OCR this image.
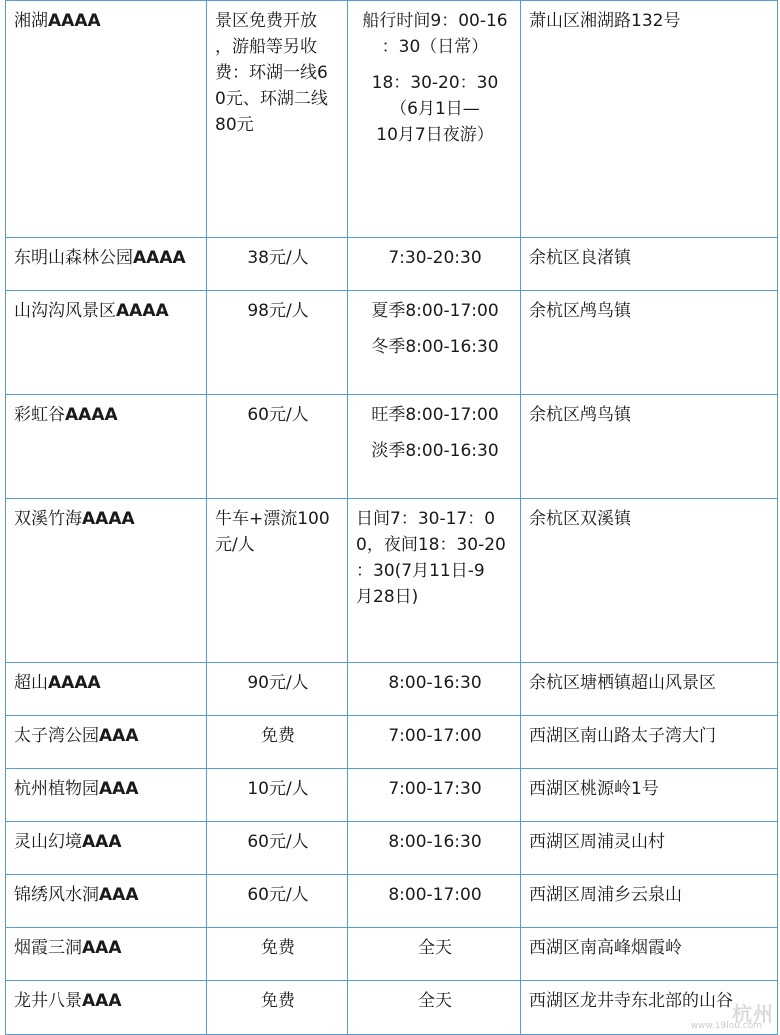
湘湖AAAA	景区免费开放
，游船等另收
费：环湖一线6
0元、环湖二线
80元	船行时间9：00-16
：30（日常）
18：30-20：30
（6月1日—
10月7日夜游）	萧山区湘湖路132号
东明山森林公园AAAA	38元/人	7:30-20:30	余杭区良渚镇
山沟沟风景区AAAA	98元/人	夏季8:00-17:00
冬季8:00-16:30	余杭区鸬鸟镇
彩虹谷AAAA	60元/人	旺季8:00-17:00
淡季8:00-16:30	余杭区鸬鸟镇
双溪竹海AAAA	牛车+漂流100
元/人	日间7：30-17：0
0，夜间18：30-20
：30(7月11日-9
月28日)	余杭区双溪镇
超山AAAA	90元/人	8:00-16:30	余杭区塘栖镇超山风景区
太子湾公园AAA	免费	7:00-17:00	西湖区南山路太子湾大门
杭州植物园AAA	10元/人	7:00-17:30	西湖区桃源岭1号
灵山幻境AAA	60元/人	8:00-16:30	西湖区周浦灵山村
锦绣风水洞AAA	60元/人	8:00-17:00	西湖区周浦乡云泉山
烟霞三洞AAA	免费	全天	西湖区南高峰烟霞岭
龙井八景AAA	免费	全天	西湖区龙井寺东北部的山谷
杭州
www.19lou.com
